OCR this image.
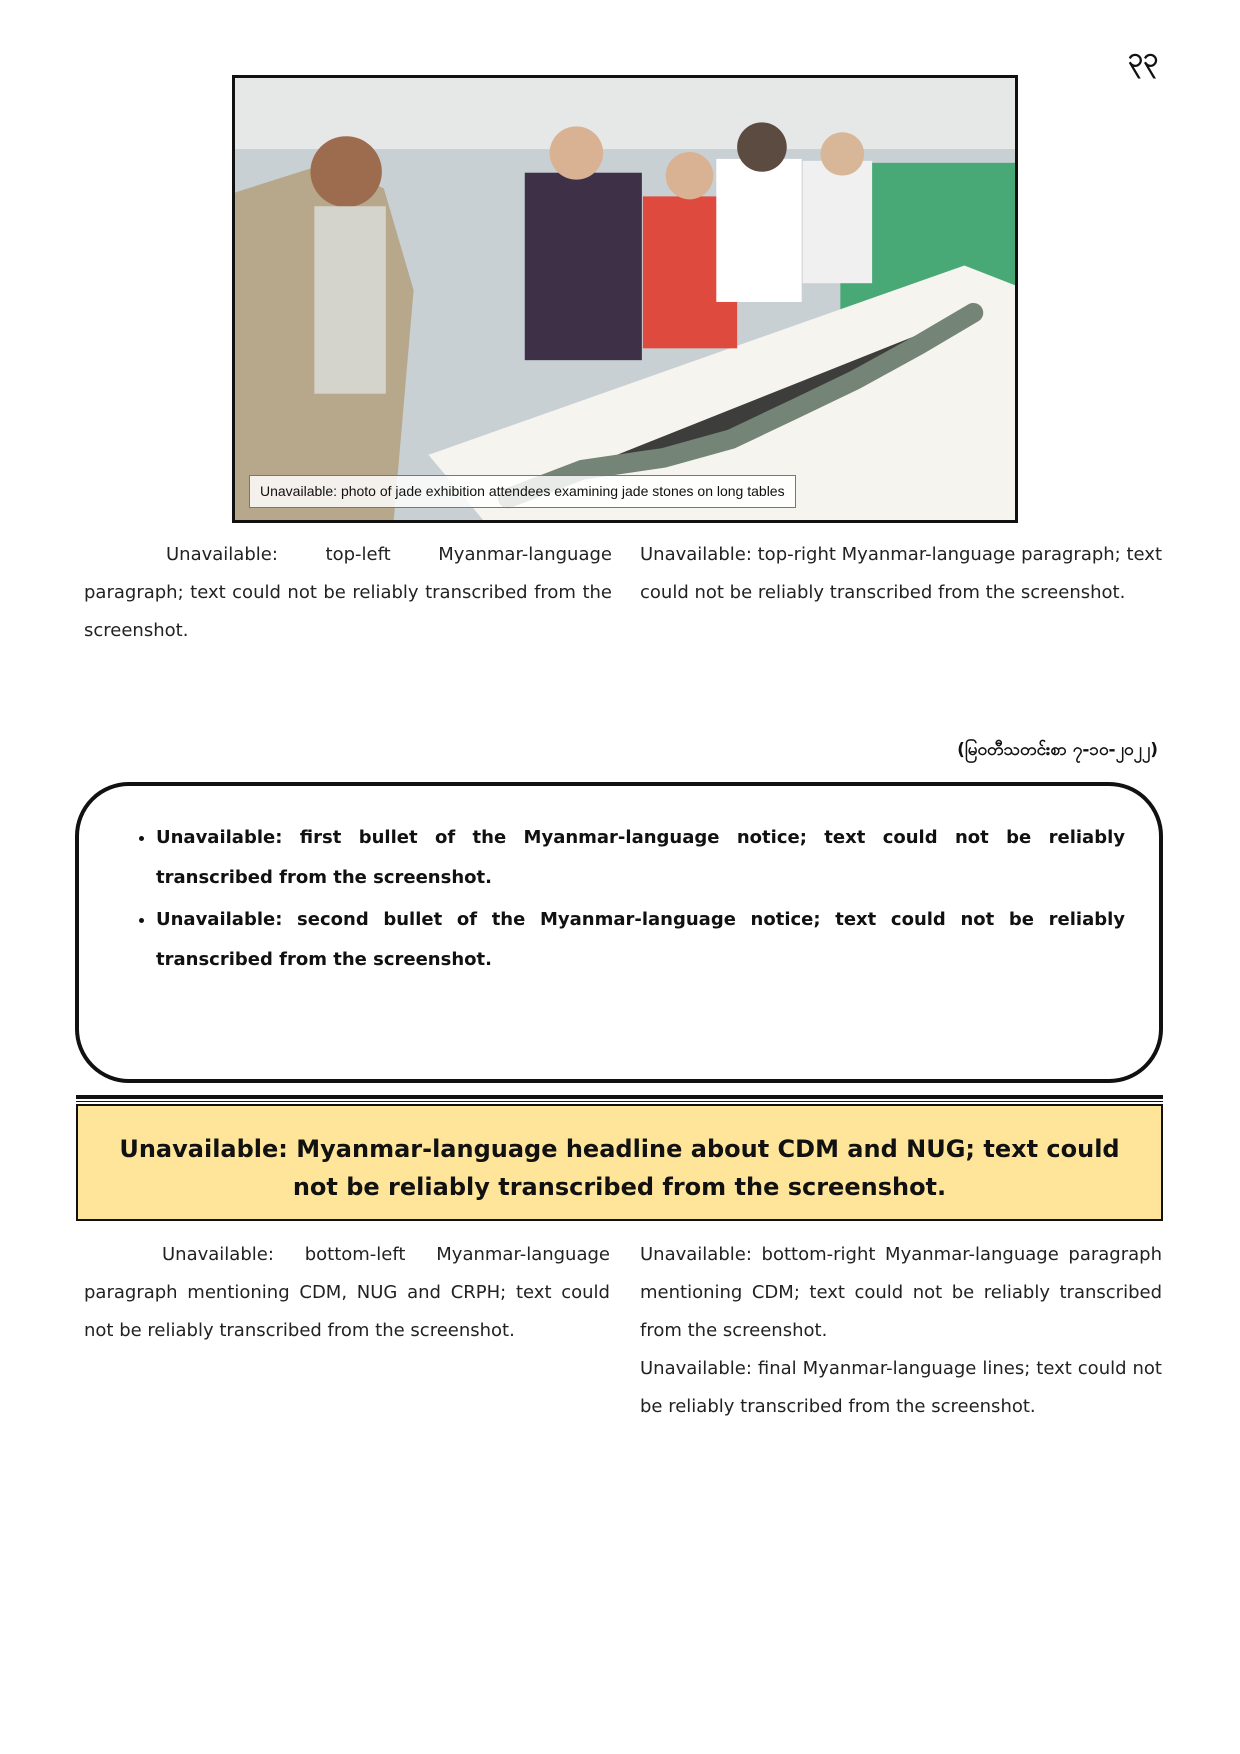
၃၃
Unavailable: photo of jade exhibition attendees examining jade stones on long tables

Unavailable: top-left Myanmar-language paragraph; text could not be reliably transcribed from the screenshot.

Unavailable: top-right Myanmar-language paragraph; text could not be reliably transcribed from the screenshot.

(မြဝတီသတင်းစာ ၇-၁၀-၂၀၂၂)
• Unavailable: first bullet of the Myanmar-language notice; text could not be reliably transcribed from the screenshot.
• Unavailable: second bullet of the Myanmar-language notice; text could not be reliably transcribed from the screenshot.

Unavailable: Myanmar-language headline about CDM and NUG; text could not be reliably transcribed from the screenshot.

Unavailable: bottom-left Myanmar-language paragraph mentioning CDM, NUG and CRPH; text could not be reliably transcribed from the screenshot.

Unavailable: bottom-right Myanmar-language paragraph mentioning CDM; text could not be reliably transcribed from the screenshot.
Unavailable: final Myanmar-language lines; text could not be reliably transcribed from the screenshot.
